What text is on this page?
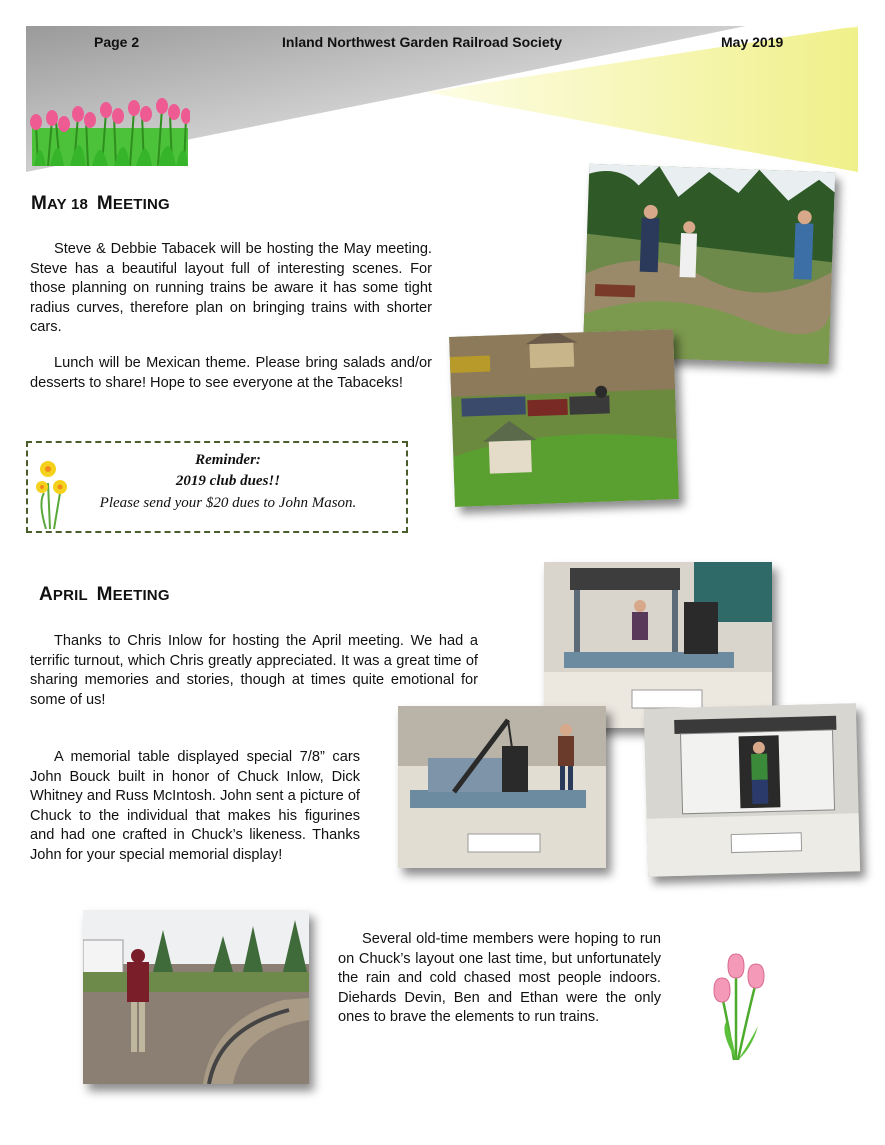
Page 2	Inland Northwest Garden Railroad Society	May 2019
MAY 18 MEETING

Steve & Debbie Tabacek will be hosting the May meeting. Steve has a beautiful layout full of interesting scenes. For those planning on running trains be aware it has some tight radius curves, therefore plan on bringing trains with shorter cars.

Lunch will be Mexican theme. Please bring salads and/or desserts to share! Hope to see everyone at the Tabaceks!

Reminder:
2019 club dues!!
Please send your $20 dues to John Mason.
APRIL MEETING

Thanks to Chris Inlow for hosting the April meeting. We had a terrific turnout, which Chris greatly appreciated. It was a great time of sharing memories and stories, though at times quite emotional for some of us!

A memorial table displayed special 7/8” cars John Bouck built in honor of Chuck Inlow, Dick Whitney and Russ McIntosh. John sent a picture of Chuck to the individual that makes his figurines and had one crafted in Chuck’s likeness. Thanks John for your special memorial display!

Several old-time members were hoping to run on Chuck’s layout one last time, but unfortunately the rain and cold chased most people indoors. Diehards Devin, Ben and Ethan were the only ones to brave the elements to run trains.
